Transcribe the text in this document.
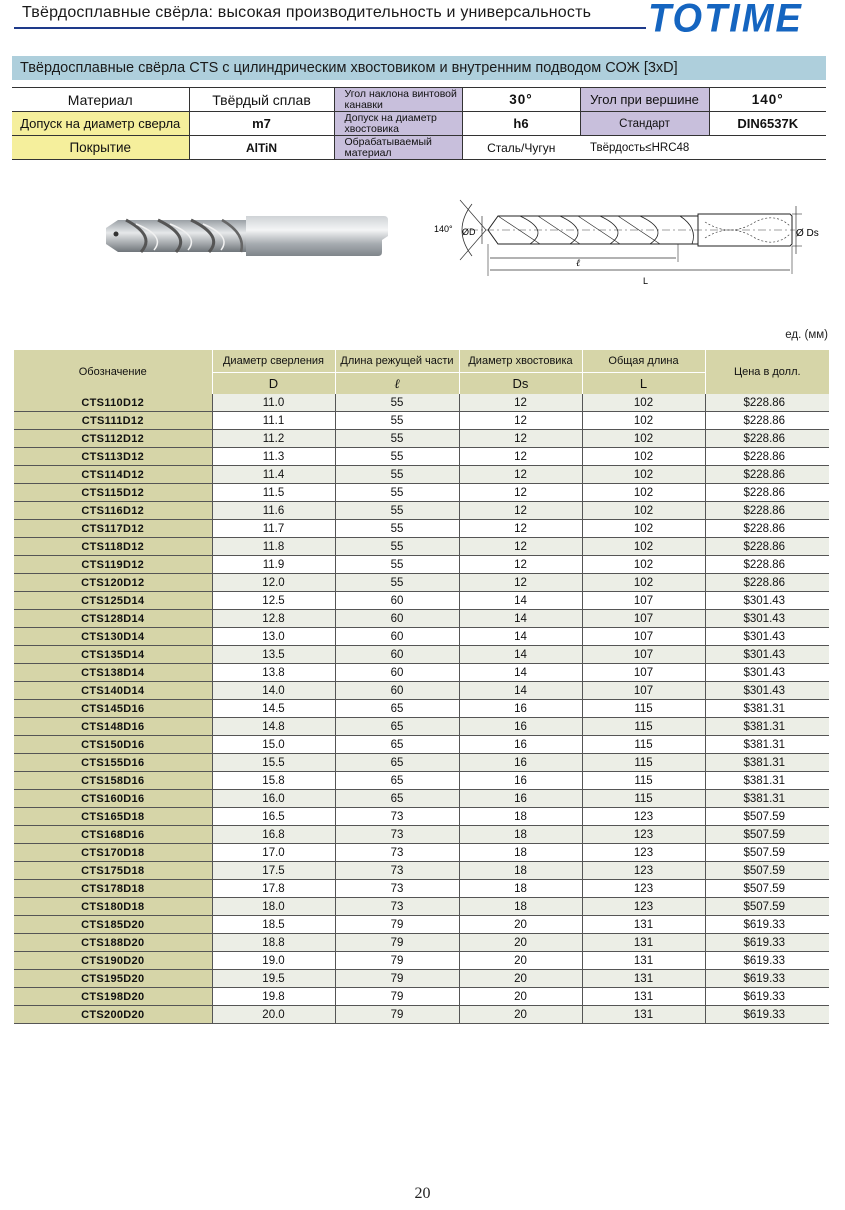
Твёрдосплавные свёрла: высокая производительность и универсальность TOTIME
Твёрдосплавные свёрла CTS с цилиндрическим хвостовиком и внутренним подводом СОЖ [3xD]
Материал	Твёрдый сплав	Угол наклона винтовой канавки	30°	Угол при вершине	140°
Допуск на диаметр сверла	m7	Допуск на диаметр хвостовика	h6	Стандарт	DIN6537K
Покрытие	AlTiN	Обрабатываемый материал	Сталь/Чугун	Твёрдость≤HRC48	
140° ØD	Ø Ds
ℓ
L
ед. (мм)
Обозначение	Диаметр сверления	Длина режущей части	Диаметр хвостовика	Общая длина	Цена в долл.
	D	ℓ	Ds	L	
CTS110D12	11.0	55	12	102	$228.86
CTS111D12	11.1	55	12	102	$228.86
CTS112D12	11.2	55	12	102	$228.86
CTS113D12	11.3	55	12	102	$228.86
CTS114D12	11.4	55	12	102	$228.86
CTS115D12	11.5	55	12	102	$228.86
CTS116D12	11.6	55	12	102	$228.86
CTS117D12	11.7	55	12	102	$228.86
CTS118D12	11.8	55	12	102	$228.86
CTS119D12	11.9	55	12	102	$228.86
CTS120D12	12.0	55	12	102	$228.86
CTS125D14	12.5	60	14	107	$301.43
CTS128D14	12.8	60	14	107	$301.43
CTS130D14	13.0	60	14	107	$301.43
CTS135D14	13.5	60	14	107	$301.43
CTS138D14	13.8	60	14	107	$301.43
CTS140D14	14.0	60	14	107	$301.43
CTS145D16	14.5	65	16	115	$381.31
CTS148D16	14.8	65	16	115	$381.31
CTS150D16	15.0	65	16	115	$381.31
CTS155D16	15.5	65	16	115	$381.31
CTS158D16	15.8	65	16	115	$381.31
CTS160D16	16.0	65	16	115	$381.31
CTS165D18	16.5	73	18	123	$507.59
CTS168D16	16.8	73	18	123	$507.59
CTS170D18	17.0	73	18	123	$507.59
CTS175D18	17.5	73	18	123	$507.59
CTS178D18	17.8	73	18	123	$507.59
CTS180D18	18.0	73	18	123	$507.59
CTS185D20	18.5	79	20	131	$619.33
CTS188D20	18.8	79	20	131	$619.33
CTS190D20	19.0	79	20	131	$619.33
CTS195D20	19.5	79	20	131	$619.33
CTS198D20	19.8	79	20	131	$619.33
CTS200D20	20.0	79	20	131	$619.33
20
